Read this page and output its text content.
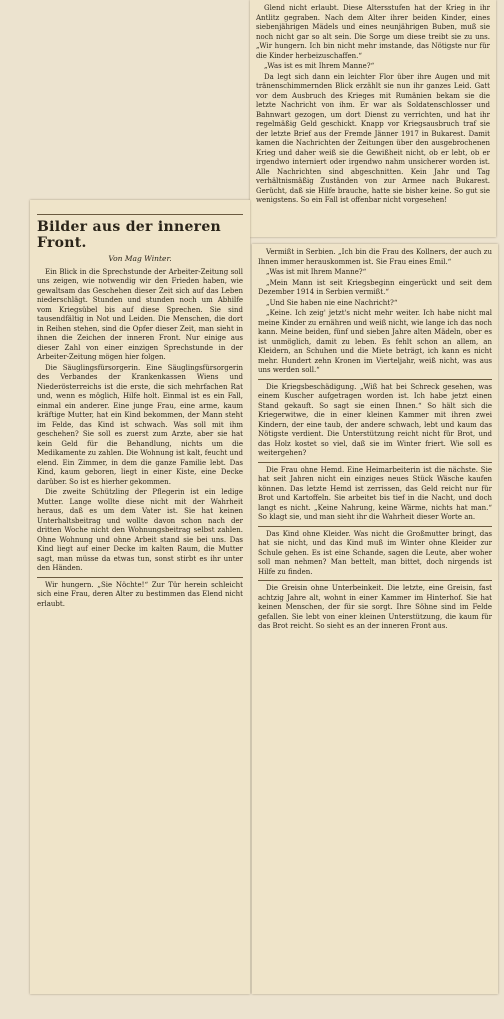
Glend nicht erlaubt. Diese Altersstufen hat der Krieg in ihr Antlitz gegraben. Nach dem Alter ihrer beiden Kinder, eines siebenjährigen Mädels und eines neunjährigen Buben, muß sie noch nicht gar so alt sein. Die Sorge um diese treibt sie zu uns. „Wir hungern. Ich bin nicht mehr imstande, das Nötigste nur für die Kinder herbeizuschaffen.“

„Was ist es mit Ihrem Manne?“

Da legt sich dann ein leichter Flor über ihre Augen und mit tränenschimmernden Blick erzählt sie nun ihr ganzes Leid. Gatt vor dem Ausbruch des Krieges mit Rumänien bekam sie die letzte Nachricht von ihm. Er war als Soldatenschlosser und Bahnwart gezogen, um dort Dienst zu verrichten, und hat ihr regelmäßig Geld geschickt. Knapp vor Kriegsausbruch traf sie der letzte Brief aus der Fremde Jänner 1917 in Bukarest. Damit kamen die Nachrichten der Zeitungen über den ausgebrochenen Krieg und daher weiß sie die Gewißheit nicht, ob er lebt, ob er irgendwo interniert oder irgendwo nahm unsicherer worden ist. Alle Nachrichten sind abgeschnitten. Kein Jahr und Tag verhältnismäßig Zuständen von zur Armee nach Bukarest. Gerücht, daß sie Hilfe brauche, hatte sie bisher keine. So gut sie wenigstens. So ein Fall ist offenbar nicht vorgesehen!

Bilder aus der inneren Front.
Von Mag Winter.

Ein Blick in die Sprechstunde der Arbeiter-Zeitung soll uns zeigen, wie notwendig wir den Frieden haben, wie gewaltsam das Geschehen dieser Zeit sich auf das Leben niederschlägt. Stunden und stunden noch um Abhilfe vom Kriegsübel bis auf diese Sprechen. Sie sind tausendfältig in Not und Leiden. Die Menschen, die dort in Reihen stehen, sind die Opfer dieser Zeit, man sieht in ihnen die Zeichen der inneren Front. Nur einige aus dieser Zahl von einer einzigen Sprechstunde in der Arbeiter-Zeitung mögen hier folgen.

Die Säuglingsfürsorgerin. Eine Säuglingsfürsorgerin des Verbandes der Krankenkassen Wiens und Niederösterreichs ist die erste, die sich mehrfachen Rat und, wenn es möglich, Hilfe holt. Einmal ist es ein Fall, einmal ein anderer. Eine junge Frau, eine arme, kaum kräftige Mutter, hat ein Kind bekommen, der Mann steht im Felde, das Kind ist schwach. Was soll mit ihm geschehen? Sie soll es zuerst zum Arzte, aber sie hat kein Geld für die Behandlung, nichts um die Medikamente zu zahlen. Die Wohnung ist kalt, feucht und elend. Ein Zimmer, in dem die ganze Familie lebt. Das Kind, kaum geboren, liegt in einer Kiste, eine Decke darüber. So ist es hierher gekommen.

Die zweite Schützling der Pflegerin ist ein ledige Mutter. Lange wollte diese nicht mit der Wahrheit heraus, daß es um dem Vater ist. Sie hat keinen Unterhaltsbeitrag und wollte davon schon nach der dritten Woche nicht den Wohnungsbeitrag selbst zahlen. Ohne Wohnung und ohne Arbeit stand sie bei uns. Das Kind liegt auf einer Decke im kalten Raum, die Mutter sagt, man müsse da etwas tun, sonst stirbt es ihr unter den Händen.

Wir hungern. „Sie Nöchte!“ Zur Tür herein schleicht sich eine Frau, deren Alter zu bestimmen das Elend nicht erlaubt.

Vermißt in Serbien. „Ich bin die Frau des Kollners, der auch zu Ihnen immer herauskommen ist. Sie Frau eines Emil.“

„Was ist mit Ihrem Manne?“

„Mein Mann ist seit Kriegsbeginn eingerückt und seit dem Dezember 1914 in Serbien vermißt.“

„Und Sie haben nie eine Nachricht?“

„Keine. Ich zeig' jetzt's nicht mehr weiter. Ich habe nicht mal meine Kinder zu ernähren und weiß nicht, wie lange ich das noch kann. Meine beiden, fünf und sieben Jahre alten Mädeln, ober es ist unmöglich, damit zu leben. Es fehlt schon an allem, an Kleidern, an Schuhen und die Miete beträgt, ich kann es nicht mehr. Hundert zehn Kronen im Vierteljahr, weiß nicht, was aus uns werden soll.“

Die Kriegsbeschädigung. „Wiß hat bei Schreck gesehen, was einem Kuscher aufgetragen worden ist. Ich habe jetzt einen Stand gekauft. So sagt sie einen Ihnen.“ So hält sich die Kriegerwitwe, die in einer kleinen Kammer mit ihren zwei Kindern, der eine taub, der andere schwach, lebt und kaum das Nötigste verdient. Die Unterstützung reicht nicht für Brot, und das Holz kostet so viel, daß sie im Winter friert. Wie soll es weitergehen?

Die Frau ohne Hemd. Eine Heimarbeiterin ist die nächste. Sie hat seit Jahren nicht ein einziges neues Stück Wäsche kaufen können. Das letzte Hemd ist zerrissen, das Geld reicht nur für Brot und Kartoffeln. Sie arbeitet bis tief in die Nacht, und doch langt es nicht. „Keine Nahrung, keine Wärme, nichts hat man.“ So klagt sie, und man sieht ihr die Wahrheit dieser Worte an.

Das Kind ohne Kleider. Was nicht die Großmutter bringt, das hat sie nicht, und das Kind muß im Winter ohne Kleider zur Schule gehen. Es ist eine Schande, sagen die Leute, aber woher soll man nehmen? Man bettelt, man bittet, doch nirgends ist Hilfe zu finden.

Die Greisin ohne Unterbeinkeit. Die letzte, eine Greisin, fast achtzig Jahre alt, wohnt in einer Kammer im Hinterhof. Sie hat keinen Menschen, der für sie sorgt. Ihre Söhne sind im Felde gefallen. Sie lebt von einer kleinen Unterstützung, die kaum für das Brot reicht. So sieht es an der inneren Front aus.
